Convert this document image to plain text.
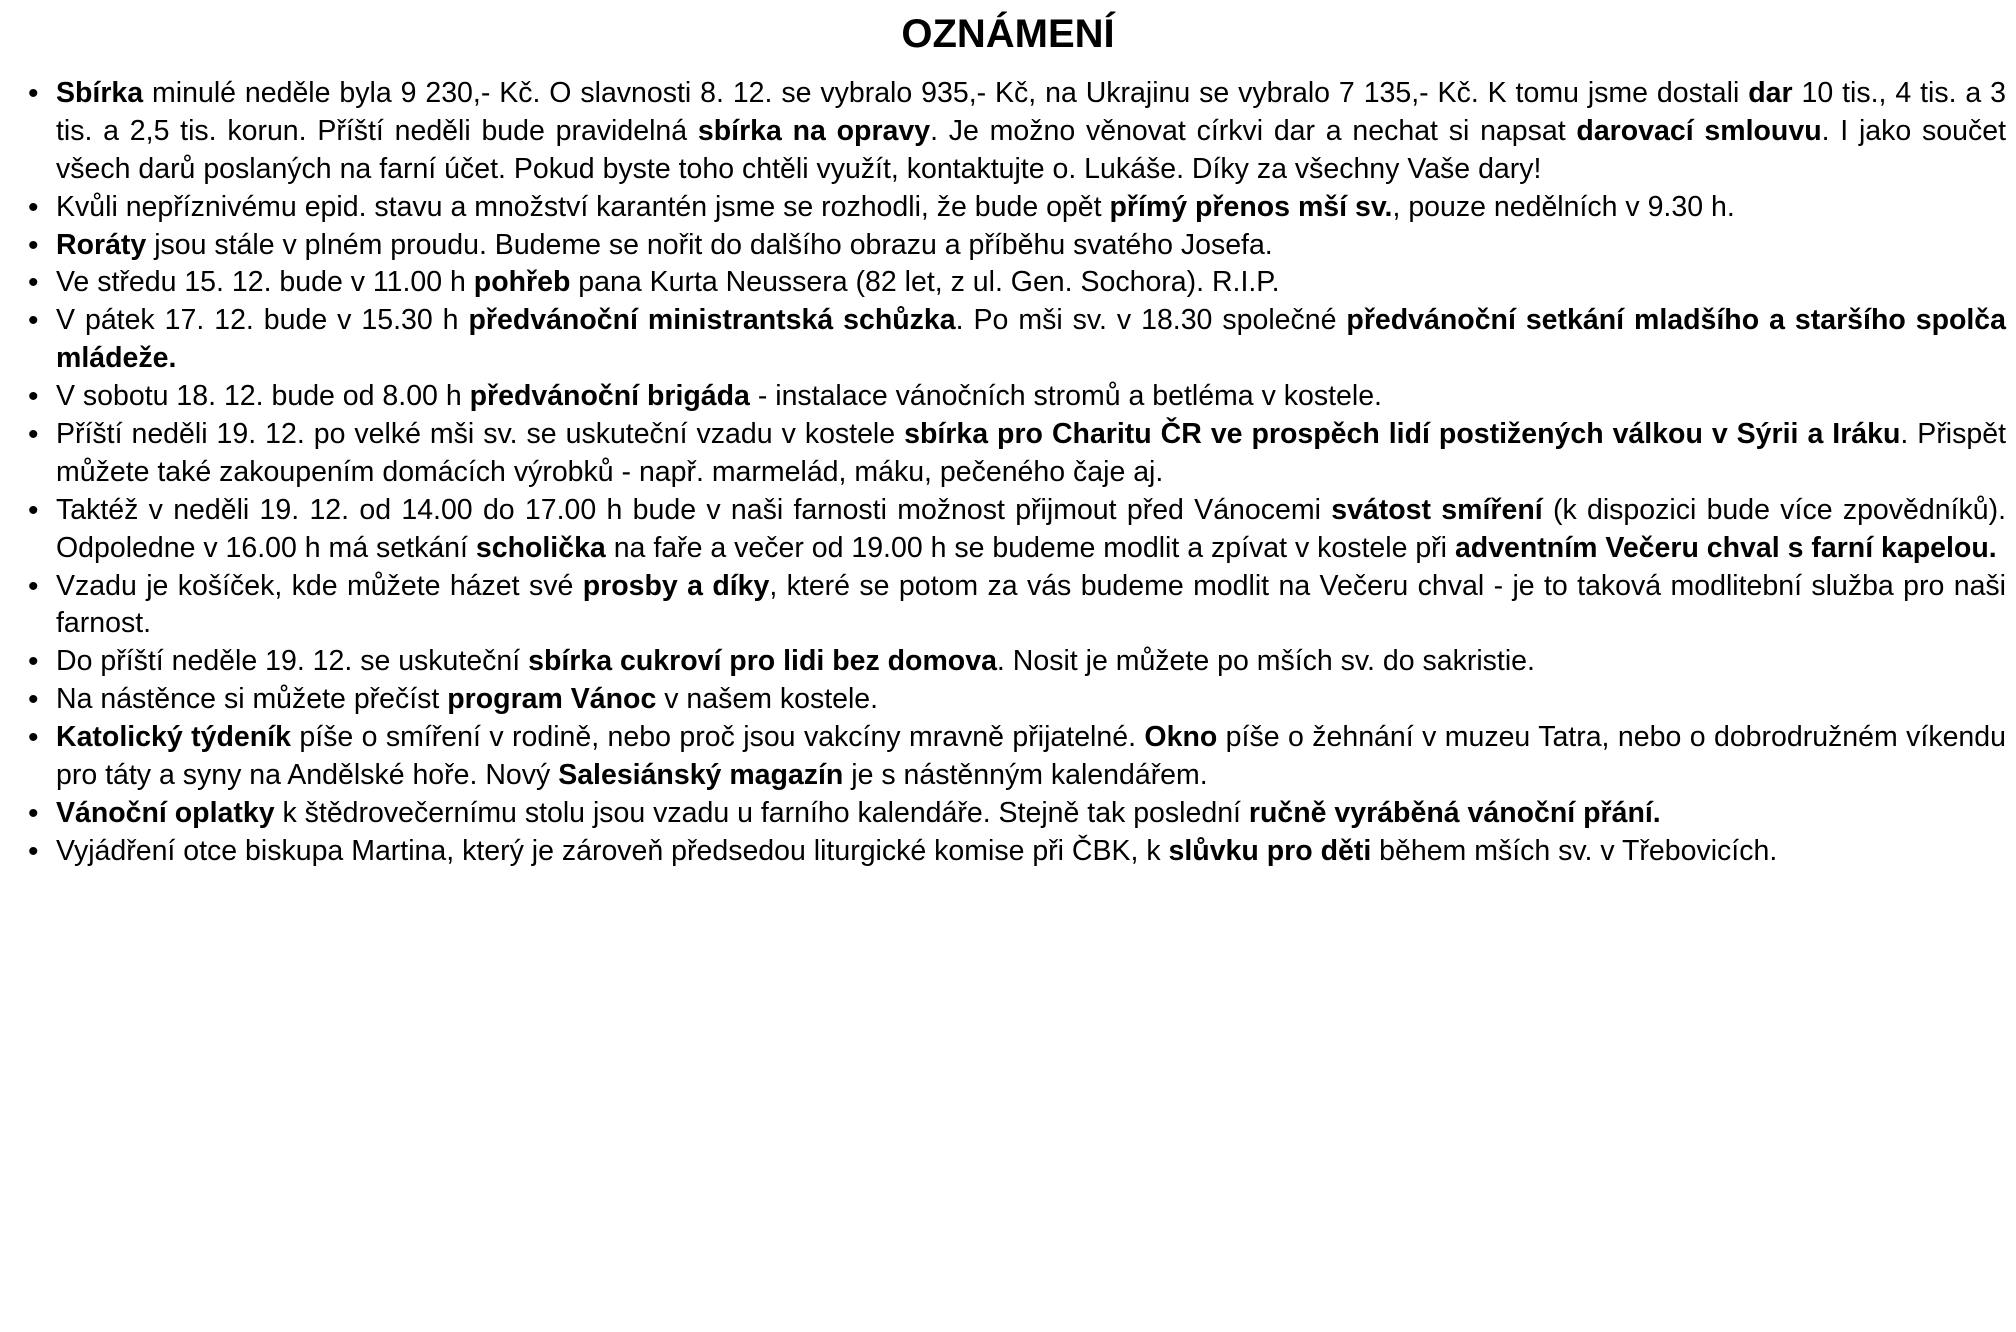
OZNÁMENÍ
• Sbírka minulé neděle byla 9 230,- Kč. O slavnosti 8. 12. se vybralo 935,- Kč, na Ukrajinu se vybralo 7 135,- Kč. K tomu jsme dostali dar 10 tis., 4 tis. a 3 tis. a 2,5 tis. korun. Příští neděli bude pravidelná sbírka na opravy. Je možno věnovat církvi dar a nechat si napsat darovací smlouvu. I jako součet všech darů poslaných na farní účet. Pokud byste toho chtěli využít, kontaktujte o. Lukáše. Díky za všechny Vaše dary!
• Kvůli nepříznivému epid. stavu a množství karantén jsme se rozhodli, že bude opět přímý přenos mší sv., pouze nedělních v 9.30 h.
• Roráty jsou stále v plném proudu. Budeme se nořit do dalšího obrazu a příběhu svatého Josefa.
• Ve středu 15. 12. bude v 11.00 h pohřeb pana Kurta Neussera (82 let, z ul. Gen. Sochora). R.I.P.
• V pátek 17. 12. bude v 15.30 h předvánoční ministrantská schůzka. Po mši sv. v 18.30 společné předvánoční setkání mladšího a staršího spolča mládeže.
• V sobotu 18. 12. bude od 8.00 h předvánoční brigáda - instalace vánočních stromů a betléma v kostele.
• Příští neděli 19. 12. po velké mši sv. se uskuteční vzadu v kostele sbírka pro Charitu ČR ve prospěch lidí postižených válkou v Sýrii a Iráku. Přispět můžete také zakoupením domácích výrobků - např. marmelád, máku, pečeného čaje aj.
• Taktéž v neděli 19. 12. od 14.00 do 17.00 h bude v naši farnosti možnost přijmout před Vánocemi svátost smíření (k dispozici bude více zpovědníků). Odpoledne v 16.00 h má setkání scholička na faře a večer od 19.00 h se budeme modlit a zpívat v kostele při adventním Večeru chval s farní kapelou.
• Vzadu je košíček, kde můžete házet své prosby a díky, které se potom za vás budeme modlit na Večeru chval - je to taková modlitební služba pro naši farnost.
• Do příští neděle 19. 12. se uskuteční sbírka cukroví pro lidi bez domova. Nosit je můžete po mších sv. do sakristie.
• Na nástěnce si můžete přečíst program Vánoc v našem kostele.
• Katolický týdeník píše o smíření v rodině, nebo proč jsou vakcíny mravně přijatelné. Okno píše o žehnání v muzeu Tatra, nebo o dobrodružném víkendu pro táty a syny na Andělské hoře. Nový Salesiánský magazín je s nástěnným kalendářem.
• Vánoční oplatky k štědrovečernímu stolu jsou vzadu u farního kalendáře. Stejně tak poslední ručně vyráběná vánoční přání.
• Vyjádření otce biskupa Martina, který je zároveň předsedou liturgické komise při ČBK, k slůvku pro děti během mších sv. v Třebovicích.
